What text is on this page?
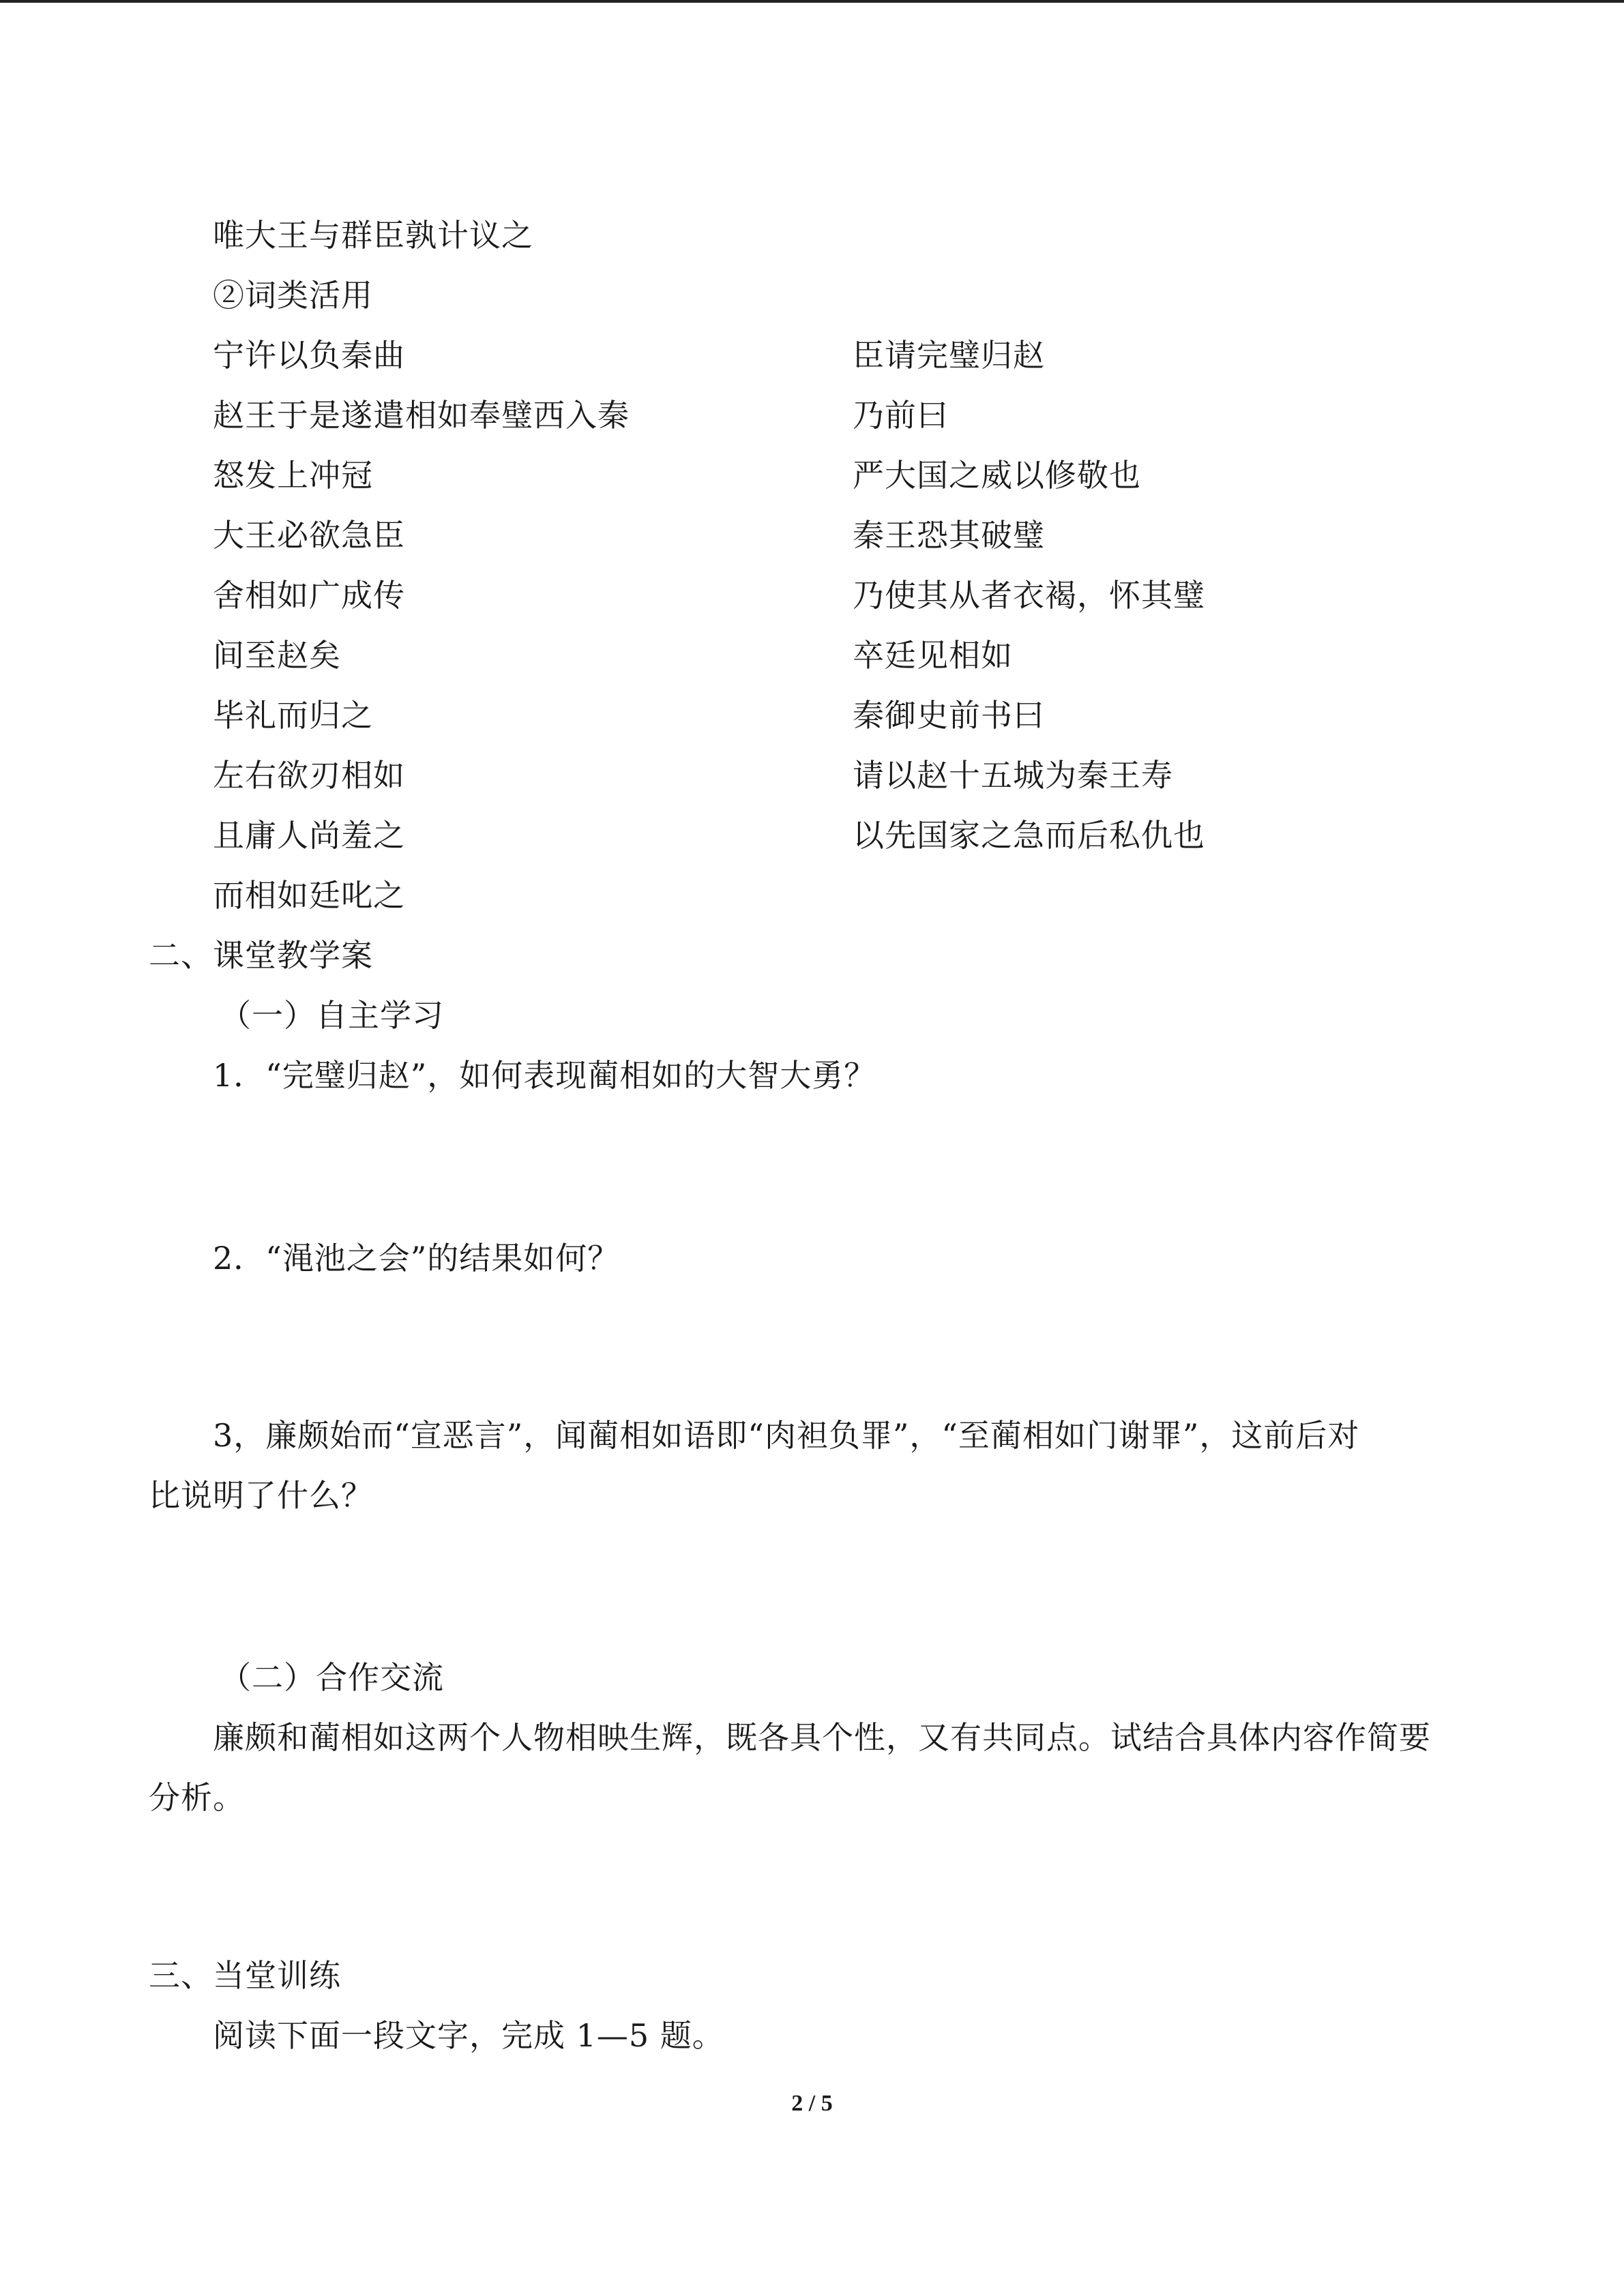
唯大王与群臣孰计议之
②词类活用
宁许以负秦曲	臣请完璧归赵
赵王于是遂遣相如奉璧西入秦	乃前曰
怒发上冲冠	严大国之威以修敬也
大王必欲急臣	秦王恐其破璧
舍相如广成传	乃使其从者衣褐，怀其璧
间至赵矣	卒廷见相如
毕礼而归之	秦御史前书曰
左右欲刃相如	请以赵十五城为秦王寿
且庸人尚羞之	以先国家之急而后私仇也
而相如廷叱之
二、课堂教学案
（一）自主学习
1．“完璧归赵”，如何表现蔺相如的大智大勇？
2．“渑池之会”的结果如何？
3，廉颇始而“宣恶言”，闻蔺相如语即“肉袒负罪”，“至蔺相如门谢罪”，这前后对
比说明了什么？
（二）合作交流
廉颇和蔺相如这两个人物相映生辉，既各具个性，又有共同点。试结合具体内容作简要
分析。
三、当堂训练
阅读下面一段文字，完成 1—5 题。
2 / 5
